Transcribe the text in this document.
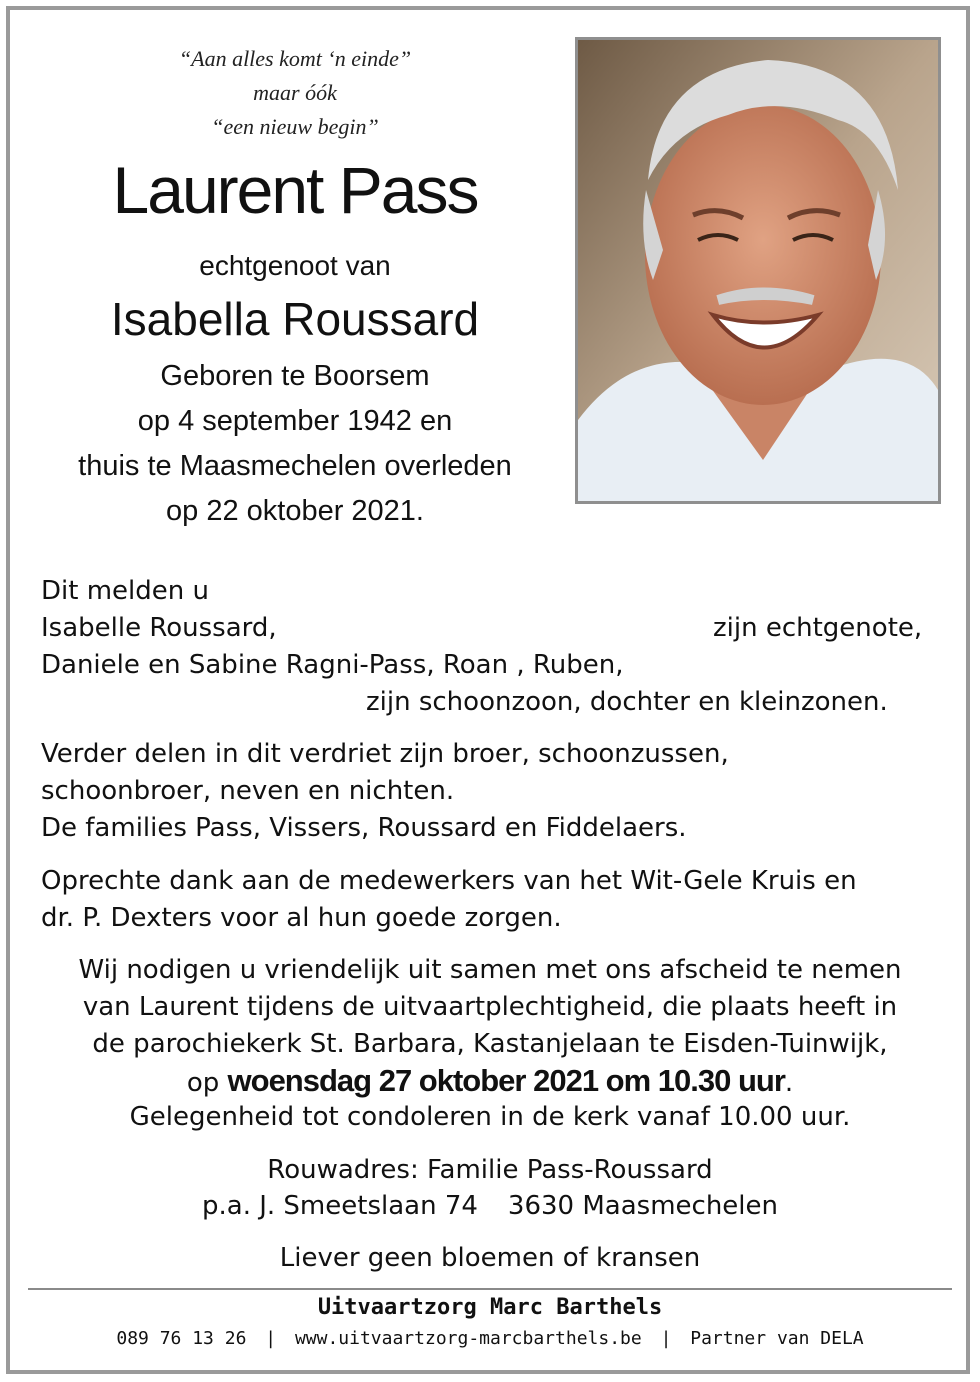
“Aan alles komt ‘n einde”
maar óók
“een nieuw begin”
Laurent Pass
echtgenoot van
Isabella Roussard
Geboren te Boorsem
op 4 september 1942 en
thuis te Maasmechelen overleden
op 22 oktober 2021.
Dit melden u
Isabelle Roussard,	zijn echtgenote,
Daniele en Sabine Ragni-Pass, Roan , Ruben,
zijn schoonzoon, dochter en kleinzonen.
Verder delen in dit verdriet zijn broer, schoonzussen,
schoonbroer, neven en nichten.
De families Pass, Vissers, Roussard en Fiddelaers.
Oprechte dank aan de medewerkers van het Wit-Gele Kruis en
dr. P. Dexters voor al hun goede zorgen.
Wij nodigen u vriendelijk uit samen met ons afscheid te nemen
van Laurent tijdens de uitvaartplechtigheid, die plaats heeft in
de parochiekerk St. Barbara, Kastanjelaan te Eisden-Tuinwijk,
op woensdag 27 oktober 2021 om 10.30 uur.
Gelegenheid tot condoleren in de kerk vanaf 10.00 uur.
Rouwadres: Familie Pass-Roussard
p.a. J. Smeetslaan 74 3630 Maasmechelen
Liever geen bloemen of kransen
Uitvaartzorg Marc Barthels
089 76 13 26 | www.uitvaartzorg-marcbarthels.be | Partner van DELA
